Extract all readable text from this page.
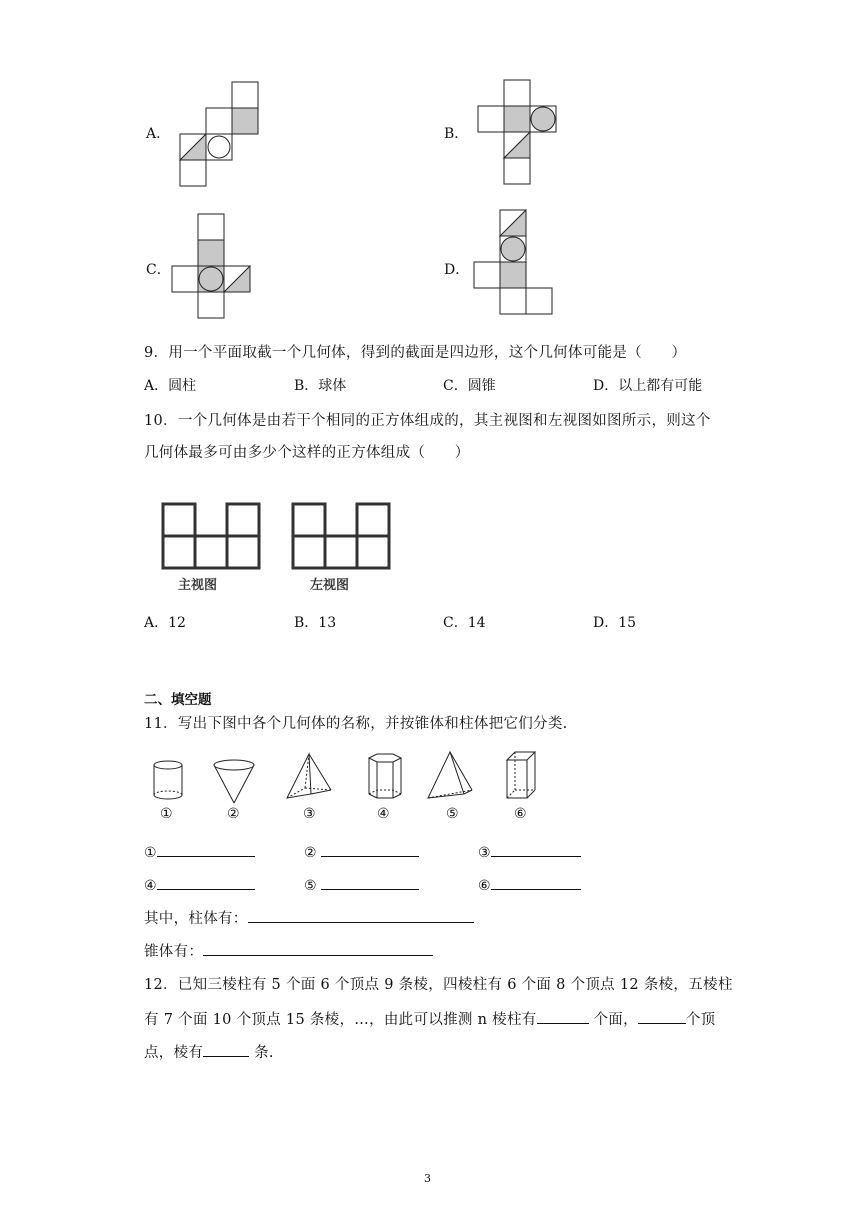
A．	B．
C．	D．
9．用一个平面取截一个几何体，得到的截面是四边形，这个几何体可能是（　　）
A．圆柱	B．球体	C．圆锥	D．以上都有可能
10．一个几何体是由若干个相同的正方体组成的，其主视图和左视图如图所示，则这个
几何体最多可由多少个这样的正方体组成（　　）
主视图	左视图
A．12	B．13	C．14	D．15
二、填空题
11．写出下图中各个几何体的名称，并按锥体和柱体把它们分类.
①	②	③	④	⑤	⑥
①	②	③
④	⑤	⑥
其中，柱体有：
锥体有：
12．已知三棱柱有 5 个面 6 个顶点 9 条棱，四棱柱有 6 个面 8 个顶点 12 条棱，五棱柱
有 7 个面 10 个顶点 15 条棱，…，由此可以推测 n 棱柱有	个面，	个顶
点，棱有	条.
3
